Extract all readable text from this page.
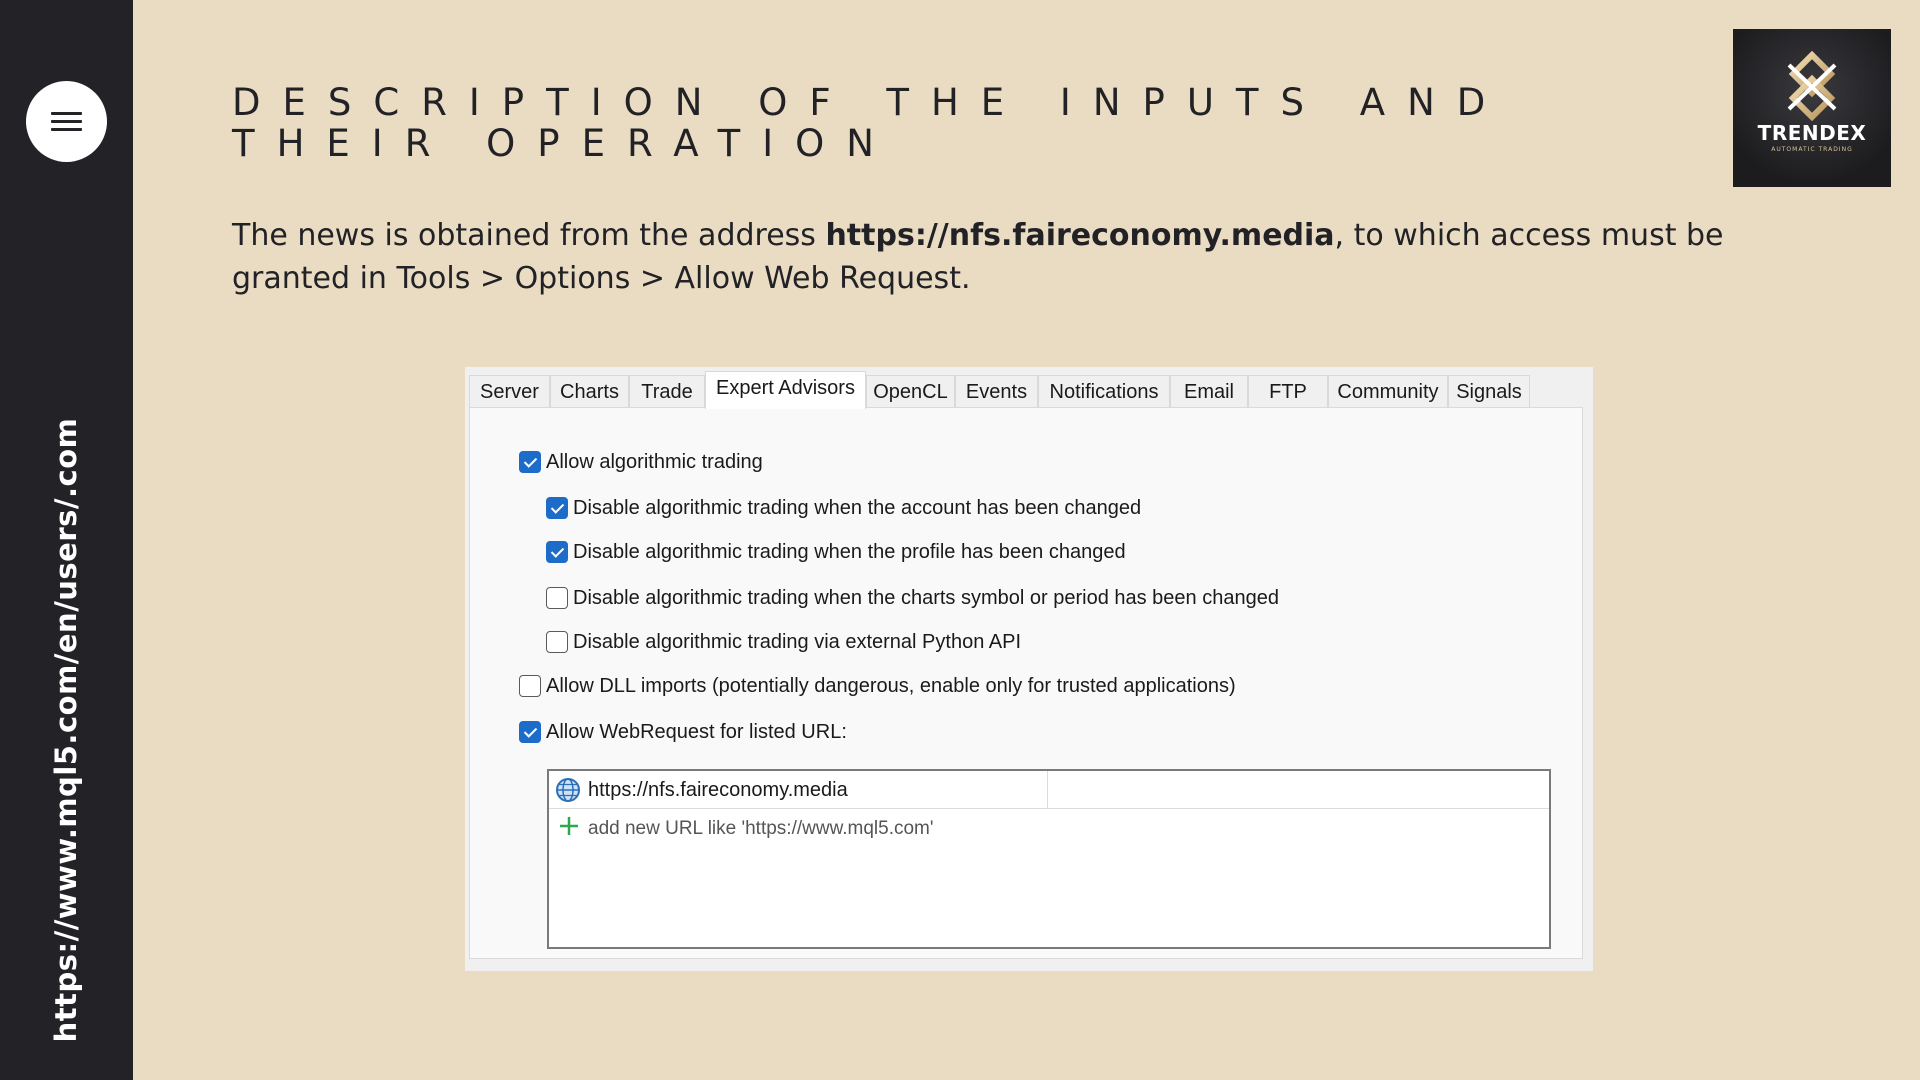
https://www.mql5.com/en/users/.com
DESCRIPTION OF THE INPUTS AND THEIR OPERATION	TRENDEX
AUTOMATIC TRADING

The news is obtained from the address https://nfs.faireconomy.media, to which access must be granted in Tools > Options > Allow Web Request.

Server	Charts	Trade	Expert Advisors OpenCL Events	Notifications	Email	FTP	Community Signals
Allow algorithmic trading
Disable algorithmic trading when the account has been changed
Disable algorithmic trading when the profile has been changed
Disable algorithmic trading when the charts symbol or period has been changed
Disable algorithmic trading via external Python API
Allow DLL imports (potentially dangerous, enable only for trusted applications)
Allow WebRequest for listed URL:
https://nfs.faireconomy.media
add new URL like 'https://www.mql5.com'
